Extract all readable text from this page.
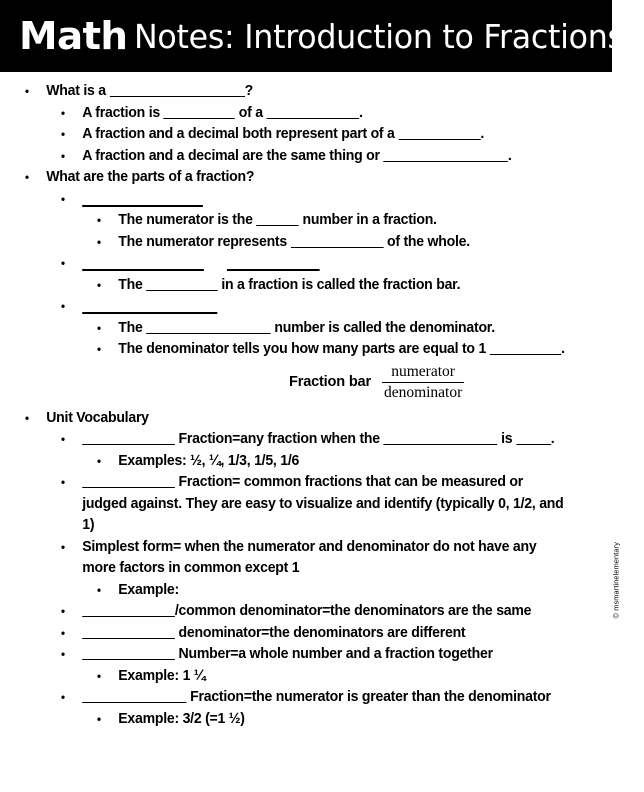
Math Notes: Introduction to Fractions
•
What is a	?
•
A fraction is	of a	.
•
A fraction and a decimal both represent part of a	.
•
A fraction and a decimal are the same thing or	.
•
What are the parts of a fraction?
•
•
The numerator is the	number in a fraction.
•
The numerator represents	of the whole.
•
•
The	in a fraction is called the fraction bar.
•
•
The	number is called the denominator.
•
The denominator tells you how many parts are equal to 1	.
Fraction bar $\frac{\text{numerator}}{\text{denominator}}$
•
Unit Vocabulary
•
Fraction=any fraction when the	is	.
•
Examples: ½, ¼, 1/3, 1/5, 1/6
•
Fraction= common fractions that can be measured or judged against. They are easy to visualize and identify (typically 0, 1/2, and 1)
•
Simplest form= when the numerator and denominator do not have any more factors in common except 1
•
Example:
•
/common denominator=the denominators are the same
•
denominator=the denominators are different
•
Number=a whole number and a fraction together
•
Example: 1 ¼
•
Fraction=the numerator is greater than the denominator
•
Example: 3/2 (=1 ½)
© msmartinelementary
